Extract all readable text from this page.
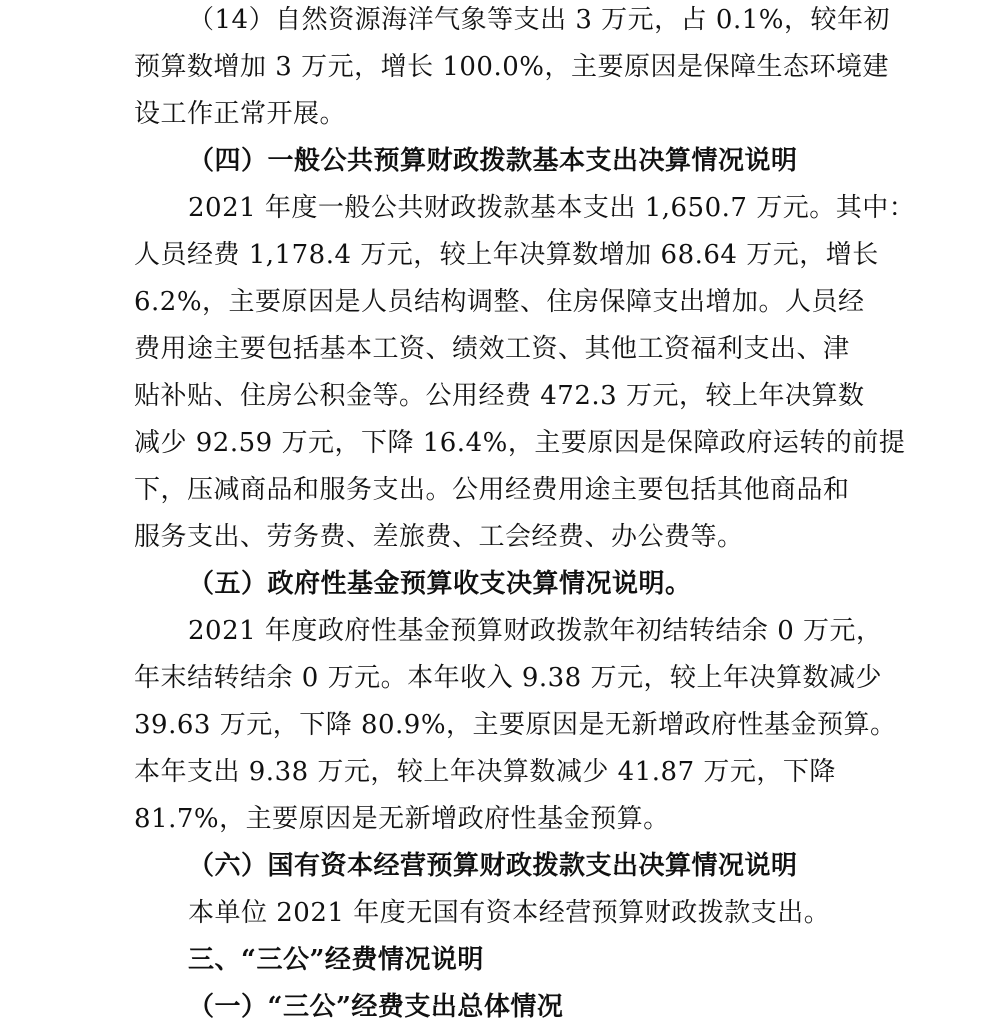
（14）自然资源海洋气象等支出 3 万元，占 0.1%，较年初
预算数增加 3 万元，增长 100.0%，主要原因是保障生态环境建
设工作正常开展。
（四）一般公共预算财政拨款基本支出决算情况说明
2021 年度一般公共财政拨款基本支出 1,650.7 万元。其中：
人员经费 1,178.4 万元，较上年决算数增加 68.64 万元，增长
6.2%，主要原因是人员结构调整、住房保障支出增加。人员经
费用途主要包括基本工资、绩效工资、其他工资福利支出、津
贴补贴、住房公积金等。公用经费 472.3 万元，较上年决算数
减少 92.59 万元，下降 16.4%，主要原因是保障政府运转的前提
下，压减商品和服务支出。公用经费用途主要包括其他商品和
服务支出、劳务费、差旅费、工会经费、办公费等。
（五）政府性基金预算收支决算情况说明。
2021 年度政府性基金预算财政拨款年初结转结余 0 万元，
年末结转结余 0 万元。本年收入 9.38 万元，较上年决算数减少
39.63 万元，下降 80.9%，主要原因是无新增政府性基金预算。
本年支出 9.38 万元，较上年决算数减少 41.87 万元，下降
81.7%，主要原因是无新增政府性基金预算。
（六）国有资本经营预算财政拨款支出决算情况说明
本单位 2021 年度无国有资本经营预算财政拨款支出。
三、“三公”经费情况说明
（一）“三公”经费支出总体情况
